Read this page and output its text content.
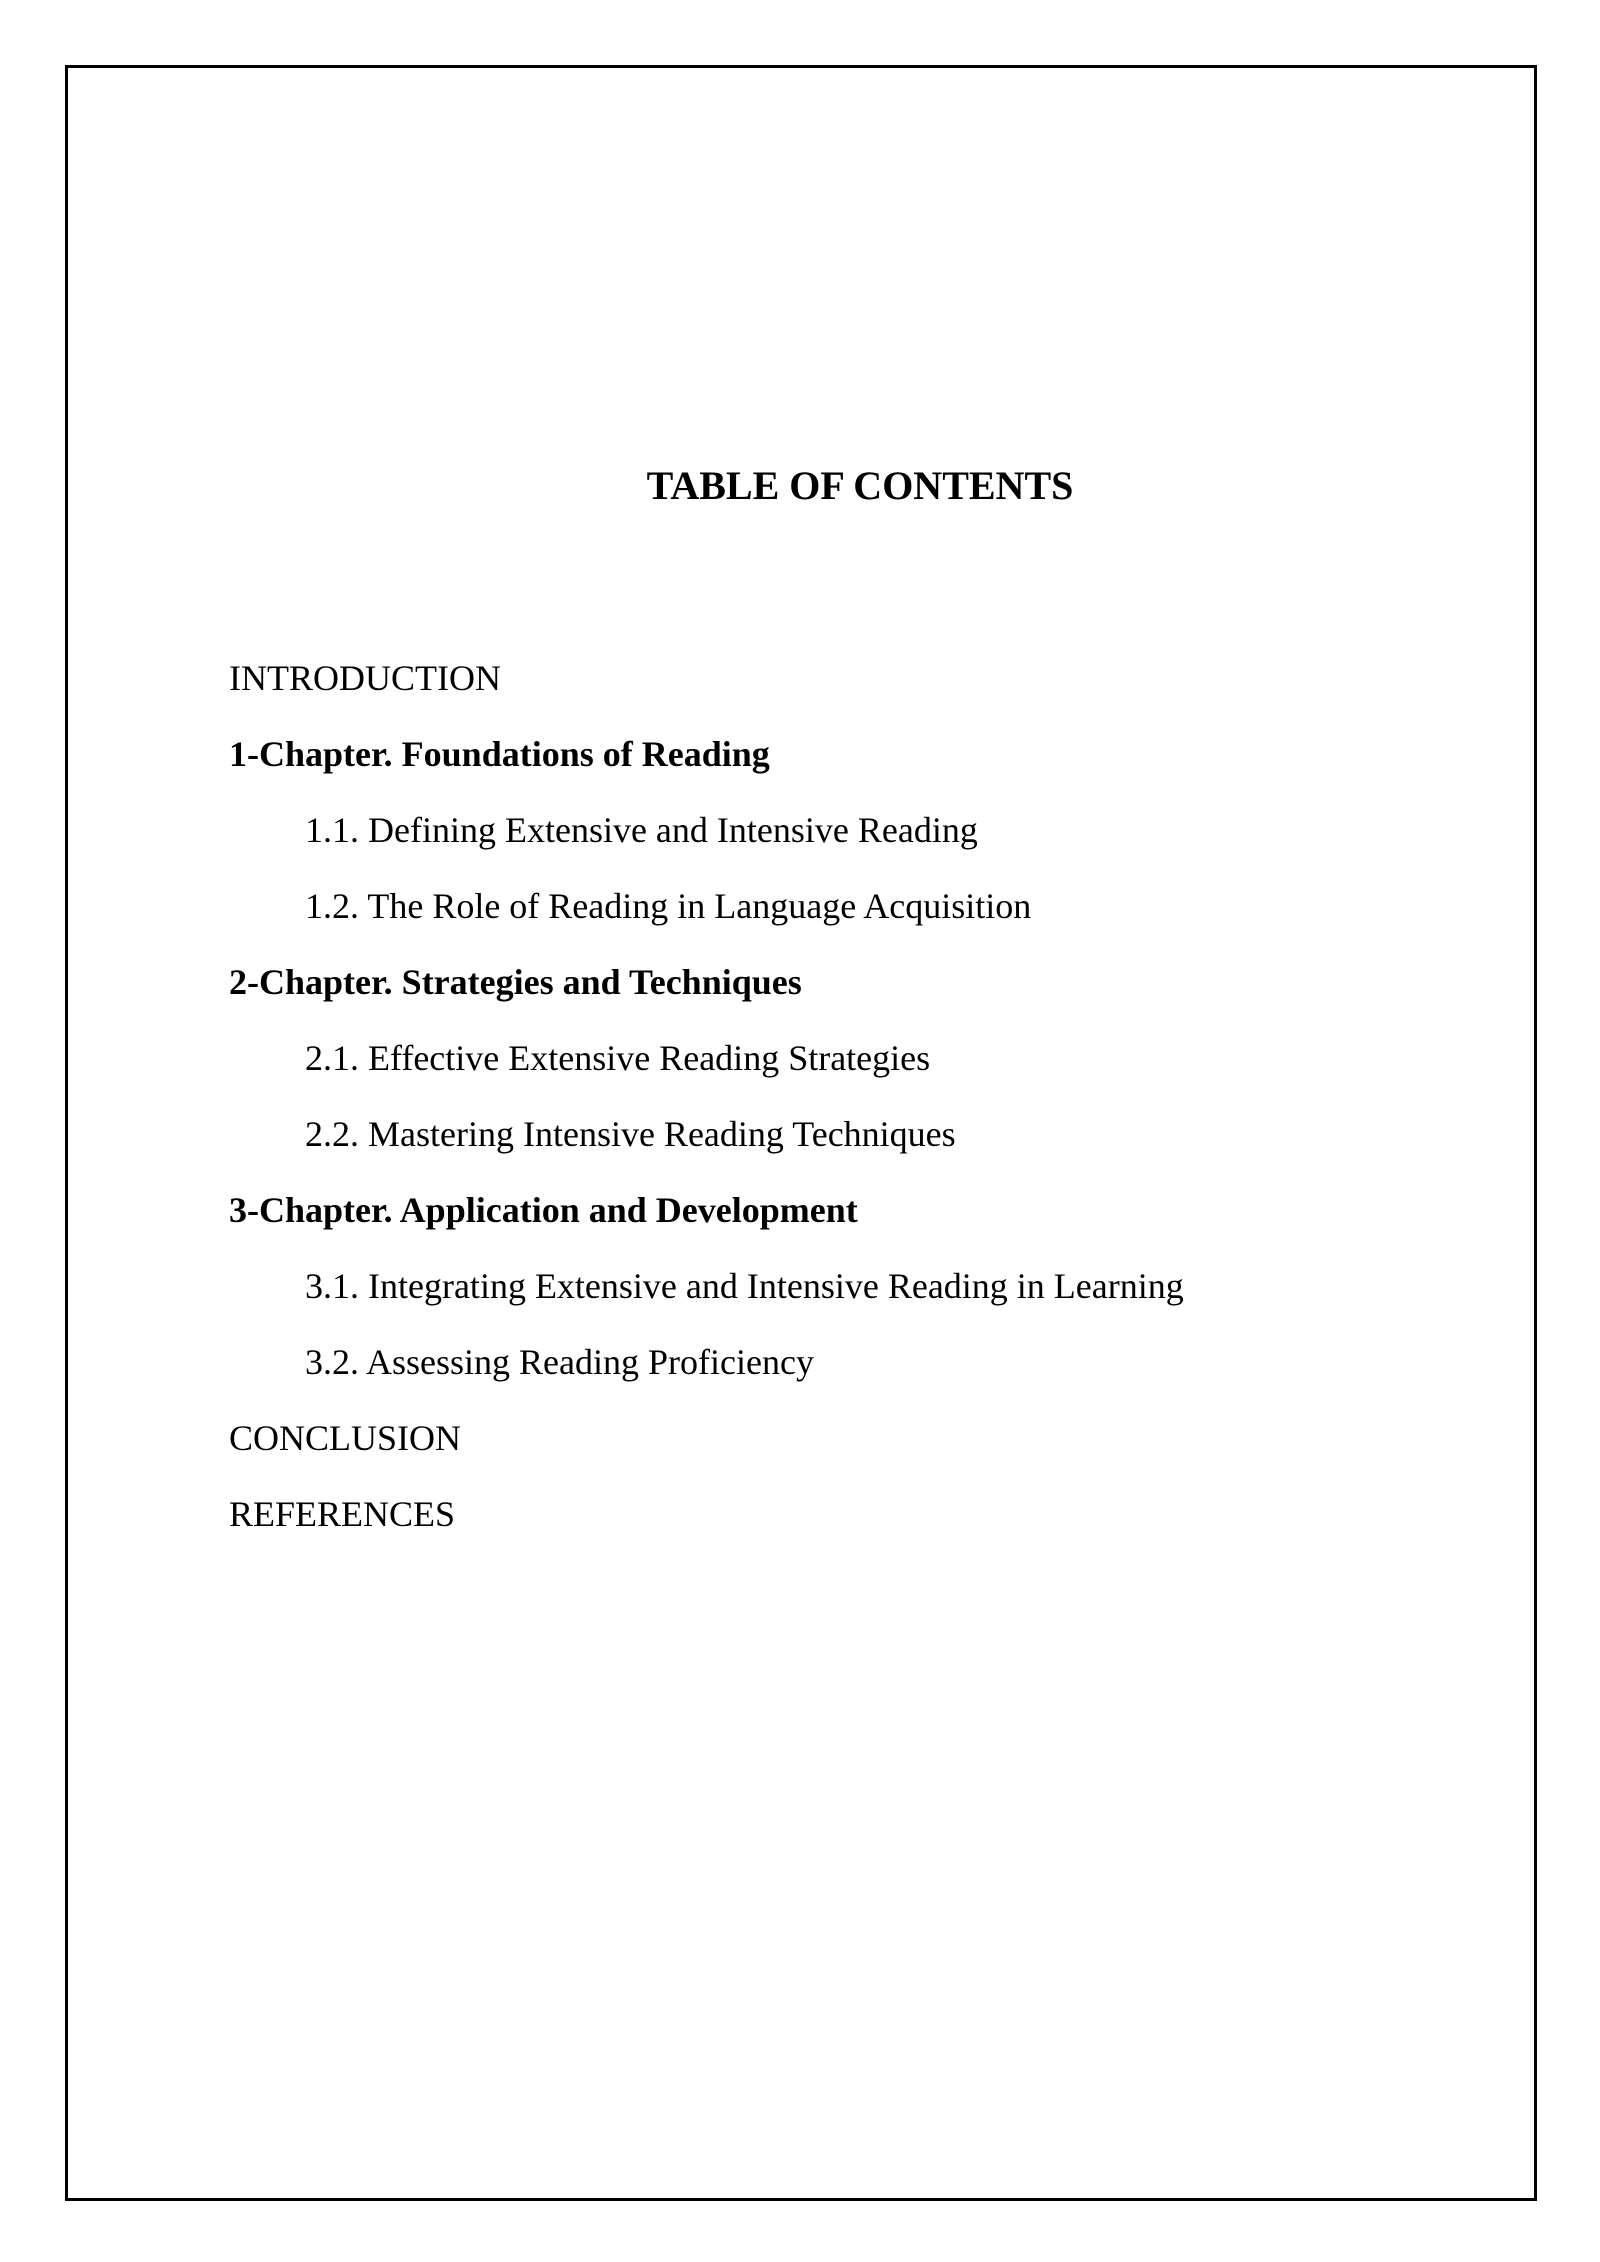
TABLE OF CONTENTS
INTRODUCTION
1-Chapter. Foundations of Reading
1.1. Defining Extensive and Intensive Reading
1.2. The Role of Reading in Language Acquisition
2-Chapter. Strategies and Techniques
2.1. Effective Extensive Reading Strategies
2.2. Mastering Intensive Reading Techniques
3-Chapter. Application and Development
3.1. Integrating Extensive and Intensive Reading in Learning
3.2. Assessing Reading Proficiency
CONCLUSION
REFERENCES
